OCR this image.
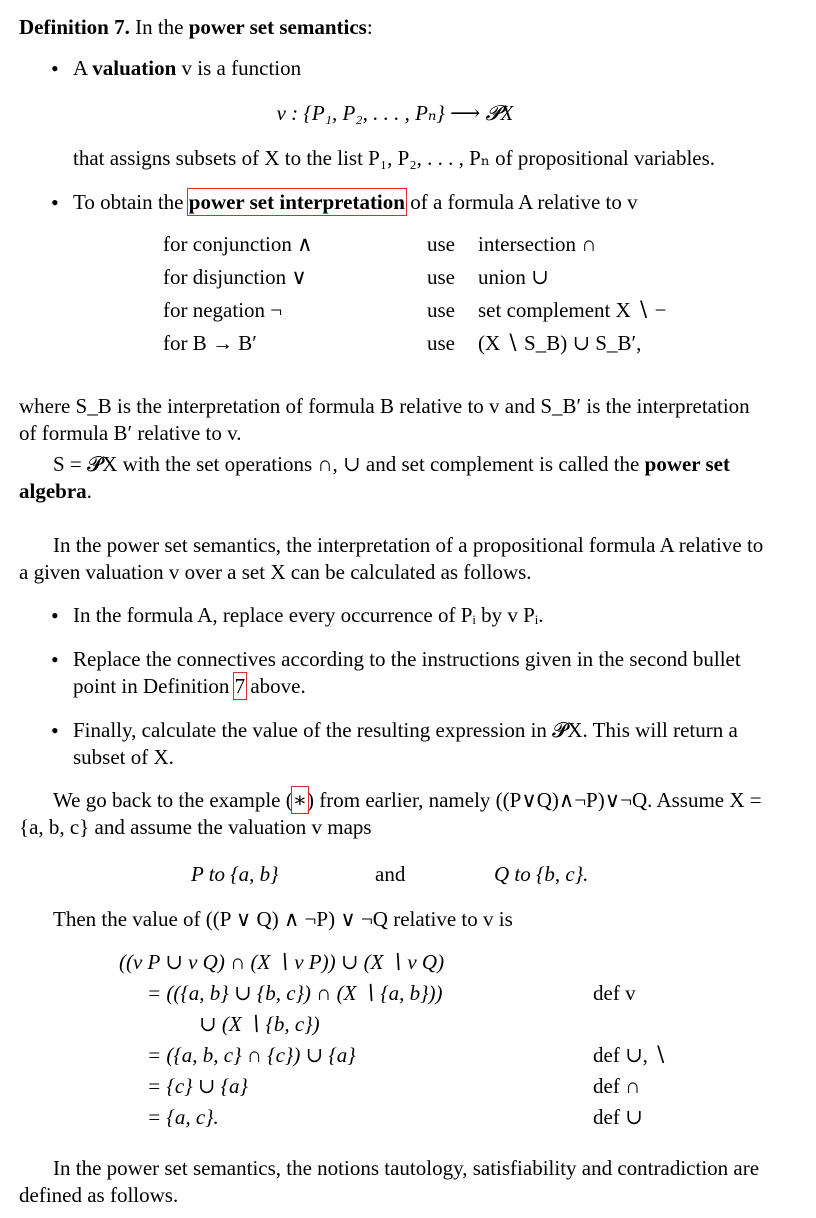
Definition 7. In the power set semantics:

• A valuation v is a function
v : {P₁, P₂, . . . , Pₙ} ⟶ 𝓟X
that assigns subsets of X to the list P₁, P₂, . . . , Pₙ of propositional variables.
• To obtain the power set interpretation of a formula A relative to v
for conjunction ∧	use	intersection ∩
for disjunction ∨	use	union ∪
for negation ¬	use	set complement X ∖ −
for B → B′	use	(X ∖ S_B) ∪ S_B′,

where S_B is the interpretation of formula B relative to v and S_B′ is the interpretation of formula B′ relative to v.

S = 𝓟X with the set operations ∩, ∪ and set complement is called the power set algebra.

In the power set semantics, the interpretation of a propositional formula A relative to a given valuation v over a set X can be calculated as follows.

• In the formula A, replace every occurrence of Pᵢ by v Pᵢ.
• Replace the connectives according to the instructions given in the second bullet point in Definition 7 above.
• Finally, calculate the value of the resulting expression in 𝓟X. This will return a subset of X.

We go back to the example (∗) from earlier, namely ((P∨Q)∧¬P)∨¬Q. Assume X = {a, b, c} and assume the valuation v maps

P to {a, b}	and	Q to {b, c}.

Then the value of ((P ∨ Q) ∧ ¬P) ∨ ¬Q relative to v is

((v P ∪ v Q) ∩ (X ∖ v P)) ∪ (X ∖ v Q)	
= (({a, b} ∪ {b, c}) ∩ (X ∖ {a, b}))	def v
∪ (X ∖ {b, c})	
= ({a, b, c} ∩ {c}) ∪ {a}	def ∪, ∖
= {c} ∪ {a}	def ∩
= {a, c}.	def ∪

In the power set semantics, the notions tautology, satisfiability and contradiction are defined as follows.
